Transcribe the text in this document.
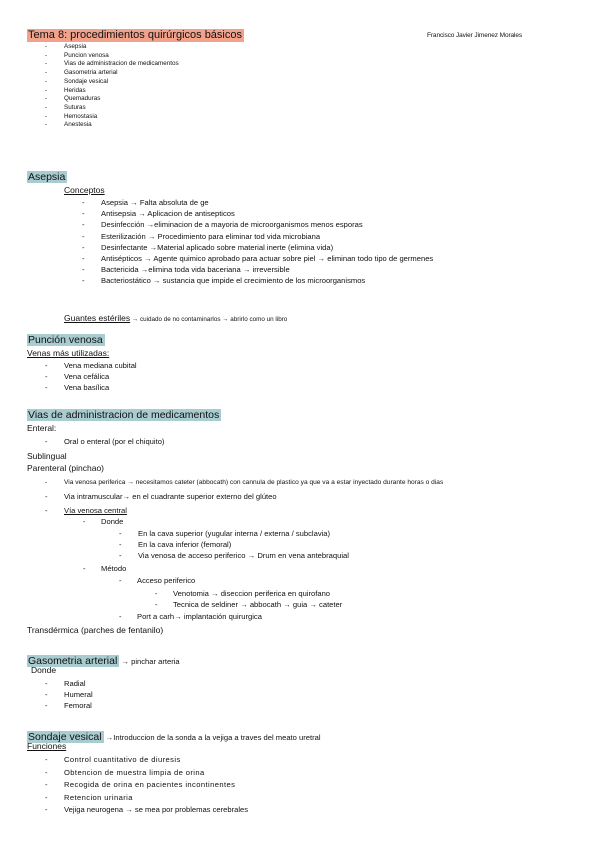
Tema 8: procedimientos quirúrgicos básicos	Francisco Javier Jimenez Morales
-	Asepsia
-	Puncion venosa
-	Vias de administracion de medicamentos
-	Gasometria arterial
-	Sondaje vesical
-	Heridas
-	Quemaduras
-	Suturas
-	Hemostasia
-	Anestesia
Asepsia
Conceptos
- Asepsia → Falta absoluta de ge
- Antisepsia → Aplicacion de antisepticos
- Desinfección →eliminacion de a mayoria de microorganismos menos esporas
- Esterilización → Procedimiento para eliminar tod vida microbiana
- Desinfectante →Material aplicado sobre material inerte (elimina vida)
- Antisépticos → Agente quimico aprobado para actuar sobre piel → eliminan todo tipo de germenes
- Bactericida →elimina toda vida baceriana → irreversible
- Bacteriostático → sustancia que impide el crecimiento de los microorganismos
Guantes estériles → cuidado de no contaminarlos → abrirlo como un libro
Punción venosa
Venas más utilizadas:
- Vena mediana cubital
- Vena cefálica
- Vena basílica
Vias de administracion de medicamentos
Enteral:
- Oral o enteral (por el chiquito)
Sublingual
Parenteral (pinchao)
-	Via venosa periferica → necesitamos cateter (abbocath) con cannula de plastico ya que va a estar inyectado durante horas o dias
- Via intramuscular→ en el cuadrante superior externo del glúteo
- Vía venosa central
- Donde
- En la cava superior (yugular interna / externa / subclavia)
- En la cava inferior (femoral)
- Via venosa de acceso periferico → Drum en vena antebraquial
- Método
- Acceso periferico
- Venotomia → diseccion periferica en quirofano
- Tecnica de seldiner → abbocath → guia → cateter
- Port a carh→ implantación quirurgica
Transdérmica (parches de fentanilo)
Gasometria arterial → pinchar arteria
Donde
- Radial
- Humeral
- Femoral
Sondaje vesical →Introduccion de la sonda a la vejiga a traves del meato uretral
Funciones
- Control cuantitativo de diuresis
- Obtencion de muestra limpia de orina
- Recogida de orina en pacientes incontinentes
- Retencion urinaria
- Vejiga neurogena → se mea por problemas cerebrales
